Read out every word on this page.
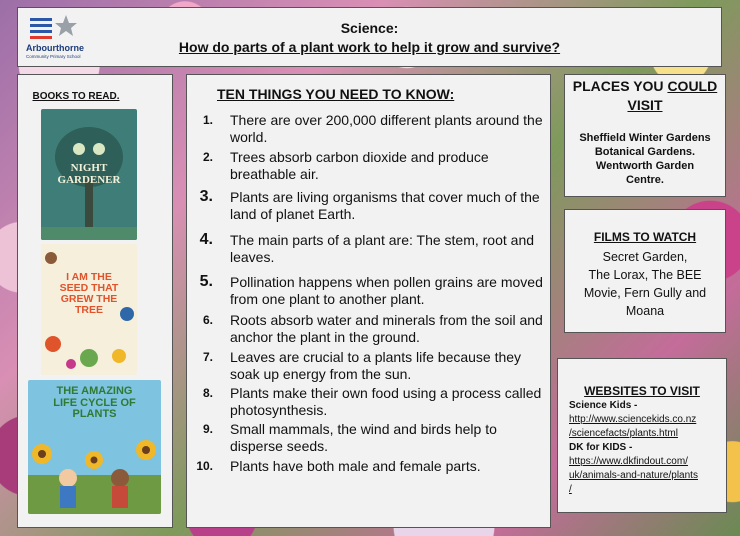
Arbourthorne
Community Primary School
Science:
How do parts of a plant work to help it grow and survive?
BOOKS TO READ.
NIGHT GARDENER
I AM THE SEED THAT GREW THE TREE
THE AMAZING LIFE CYCLE OF PLANTS
TEN THINGS YOU NEED TO KNOW:
1. There are over 200,000 different plants around the world.
2. Trees absorb carbon dioxide and produce breathable air.
3. Plants are living organisms that cover much of the land of planet Earth.
4. The main parts of a plant are: The stem, root and leaves.
5. Pollination happens when pollen grains are moved from one plant to another plant.
6. Roots absorb water and minerals from the soil and anchor the plant in the ground.
7. Leaves are crucial to a plants life because they soak up energy from the sun.
8. Plants make their own food using a process called photosynthesis.
9. Small mammals, the wind and birds help to disperse seeds.
10. Plants have both male and female parts.
PLACES YOU COULD
VISIT
Sheffield Winter Gardens
Botanical Gardens.
Wentworth Garden
Centre.
FILMS TO WATCH
Secret Garden,
The Lorax, The BEE
Movie, Fern Gully and
Moana
WEBSITES TO VISIT
Science Kids -
http://www.sciencekids.co.nz
/sciencefacts/plants.html
DK for KIDS -
https://www.dkfindout.com/
uk/animals-and-nature/plants
/
